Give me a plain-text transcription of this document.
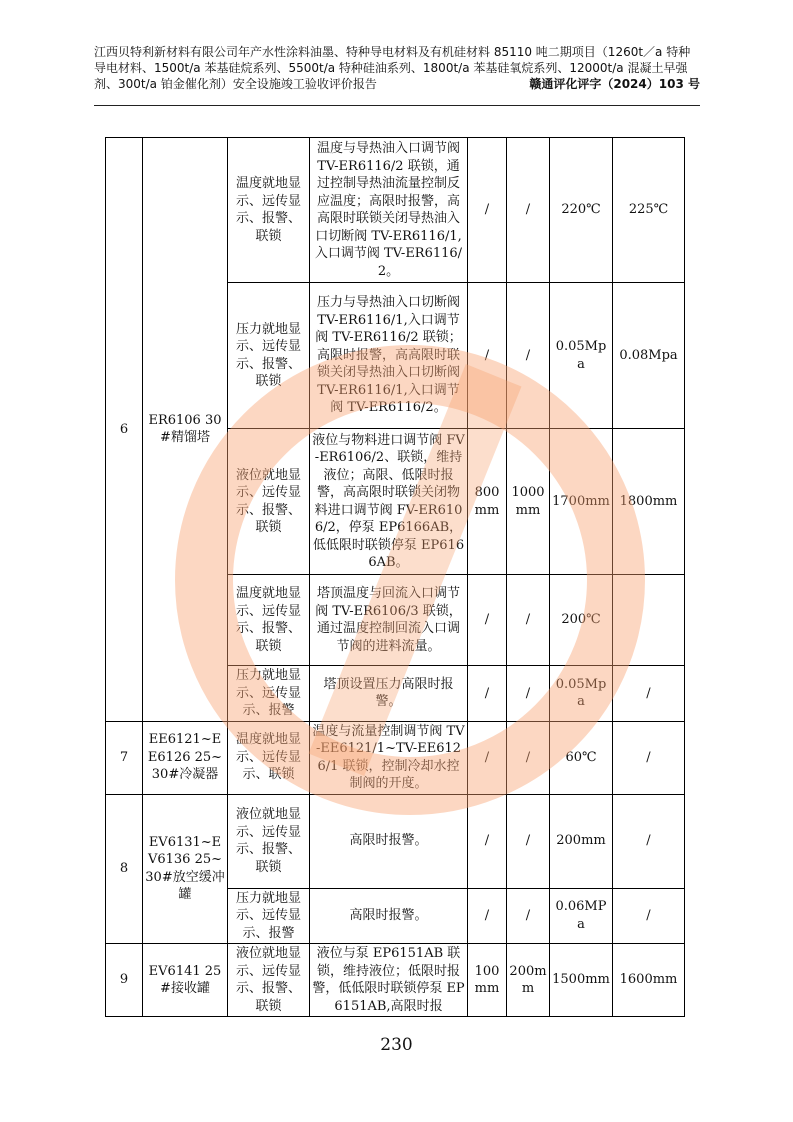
江西贝特利新材料有限公司年产水性涂料油墨、特种导电材料及有机硅材料 85110 吨二期项目（1260t／a 特种导电材料、1500t/a 苯基硅烷系列、5500t/a 特种硅油系列、1800t/a 苯基硅氧烷系列、12000t/a 混凝土早强剂、300t/a 铂金催化剂）安全设施竣工验收评价报告	赣通评化评字（2024）103 号
6	ER6106 30#精馏塔	温度就地显示、远传显示、报警、联锁	温度与导热油入口调节阀 TV-ER6116/2 联锁，通过控制导热油流量控制反应温度；高限时报警，高高限时联锁关闭导热油入口切断阀 TV-ER6116/1,入口调节阀 TV-ER6116/2。	/	/	220℃	225℃
		压力就地显示、远传显示、报警、联锁	压力与导热油入口切断阀 TV-ER6116/1,入口调节阀 TV-ER6116/2 联锁；高限时报警，高高限时联锁关闭导热油入口切断阀 TV-ER6116/1,入口调节阀 TV-ER6116/2。	/	/	0.05Mpa	0.08Mpa
		液位就地显示、远传显示、报警、联锁	液位与物料进口调节阀 FV-ER6106/2、联锁，维持液位；高限、低限时报警，高高限时联锁关闭物料进口调节阀 FV-ER6106/2，停泵 EP6166AB，低低限时联锁停泵 EP6166AB。	800mm	1000mm	1700mm	1800mm
		温度就地显示、远传显示、报警、联锁	塔顶温度与回流入口调节阀 TV-ER6106/3 联锁，通过温度控制回流入口调节阀的进料流量。	/	/	200℃	
		压力就地显示、远传显示、报警	塔顶设置压力高限时报警。	/	/	0.05Mpa	/
7	EE6121~EE6126 25~30#冷凝器	温度就地显示、远传显示、联锁	温度与流量控制调节阀 TV-EE6121/1~TV-EE6126/1 联锁，控制冷却水控制阀的开度。	/	/	60℃	/
8	EV6131~EV6136 25~30#放空缓冲罐	液位就地显示、远传显示、报警、联锁	高限时报警。	/	/	200mm	/
		压力就地显示、远传显示、报警	高限时报警。	/	/	0.06MPa	/
9	EV6141 25#接收罐	液位就地显示、远传显示、报警、联锁	液位与泵 EP6151AB 联锁，维持液位；低限时报警，低低限时联锁停泵 EP6151AB,高限时报	100mm	200mm	1500mm	1600mm
230
